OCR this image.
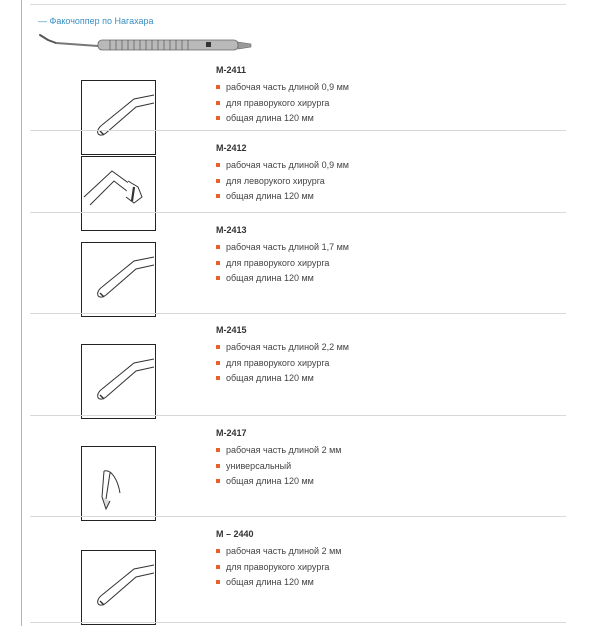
— Факочоппер по Нагахара
M-2411
рабочая часть длиной 0,9 мм
для праворукого хирурга
общая длина 120 мм
M-2412
рабочая часть длиной 0,9 мм
для леворукого хирурга
общая длина 120 мм
M-2413
рабочая часть длиной 1,7 мм
для праворукого хирурга
общая длина 120 мм
M-2415
рабочая часть длиной 2,2 мм
для праворукого хирурга
общая длина 120 мм
M-2417
рабочая часть длиной 2 мм
универсальный
общая длина 120 мм
M – 2440
рабочая часть длиной 2 мм
для праворукого хирурга
общая длина 120 мм
